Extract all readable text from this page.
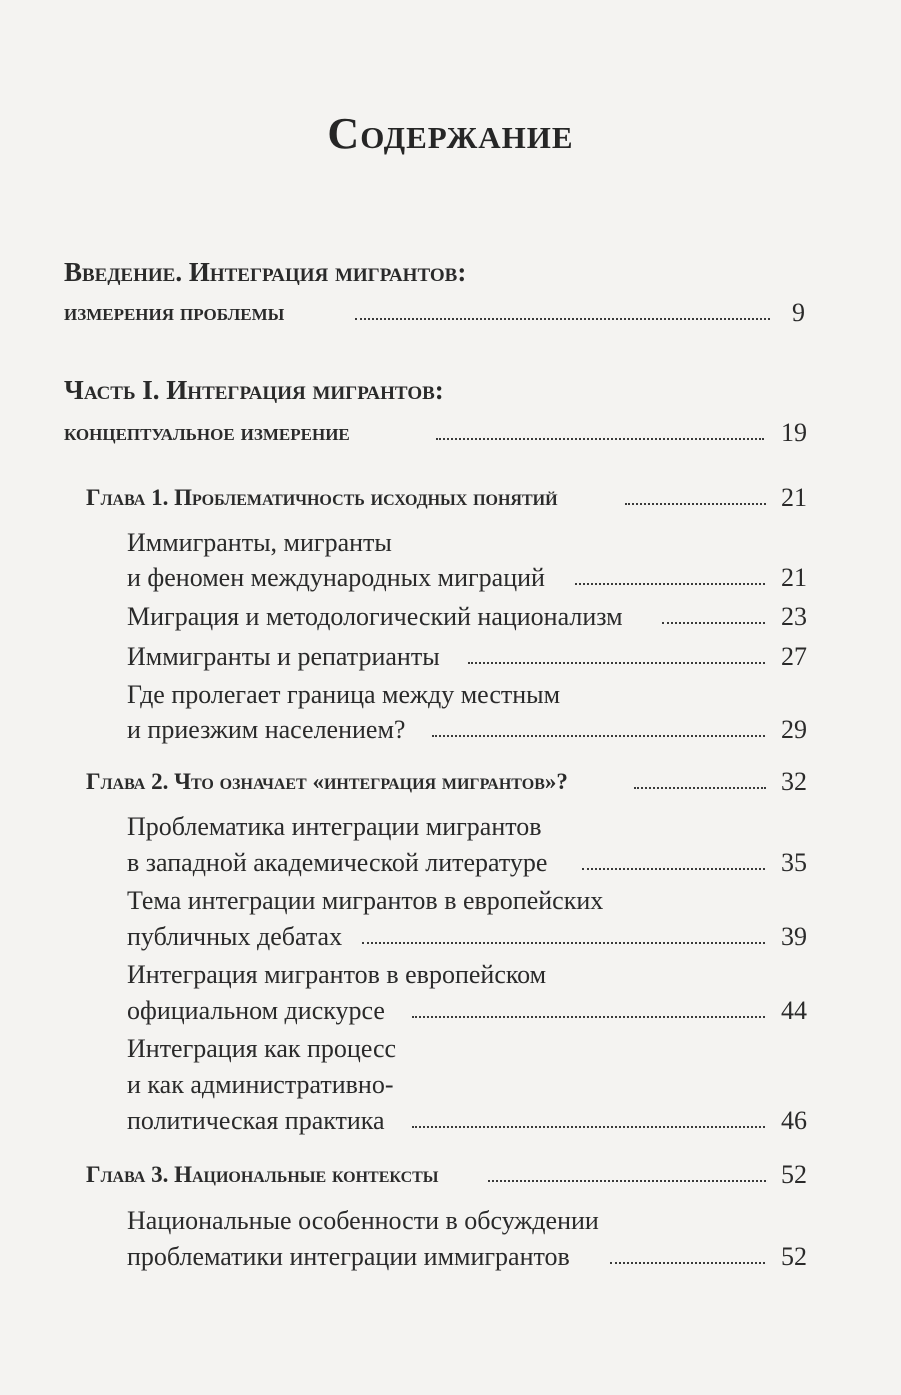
Содержание
Введение. Интеграция мигрантов:
измерения проблемы	9
Часть I. Интеграция мигрантов:
концептуальное измерение	19
Глава 1. Проблематичность исходных понятий	21
Иммигранты, мигранты
и феномен международных миграций	21
Миграция и методологический национализм	23
Иммигранты и репатрианты	27
Где пролегает граница между местным
и приезжим населением?	29
Глава 2. Что означает «интеграция мигрантов»?	32
Проблематика интеграции мигрантов
в западной академической литературе	35
Тема интеграции мигрантов в европейских
публичных дебатах	39
Интеграция мигрантов в европейском
официальном дискурсе	44
Интеграция как процесс
и как административно-
политическая практика	46
Глава 3. Национальные контексты	52
Национальные особенности в обсуждении
проблематики интеграции иммигрантов	52
